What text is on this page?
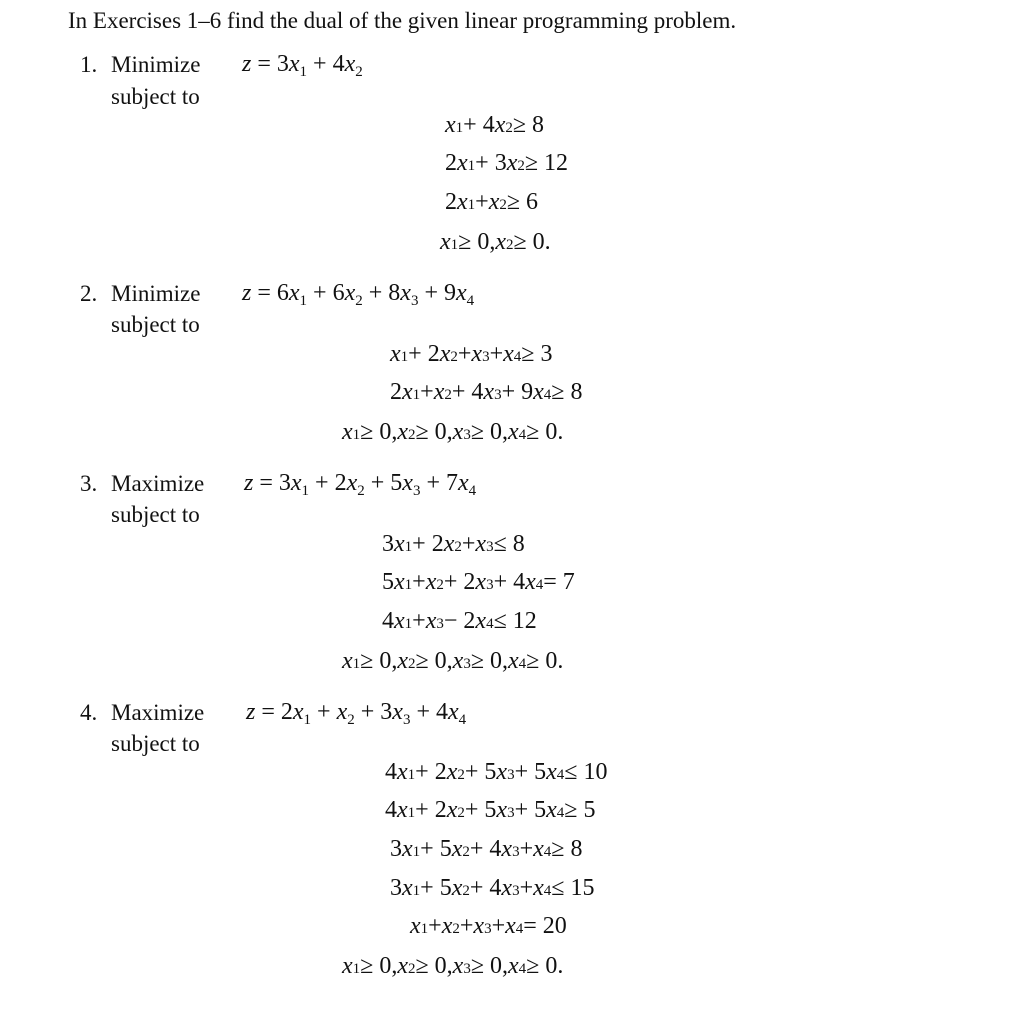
In Exercises 1–6 find the dual of the given linear programming problem.
1. Minimize $z = 3x_1 + 4x_2$
subject to
x 1 + 4 x 2 ≥ 8
2 x 1 + 3 x 2 ≥ 12
2 x 1 + x 2 ≥ 6
x 1 ≥ 0, x 2 ≥ 0.
2. Minimize $z = 6x_1 + 6x_2 + 8x_3 + 9x_4$
subject to
x 1 + 2 x 2 + x 3 + x 4 ≥ 3
2 x 1 + x 2 + 4 x 3 + 9 x 4 ≥ 8
x 1 ≥ 0, x 2 ≥ 0, x 3 ≥ 0, x 4 ≥ 0.
3. Maximize $z = 3x_1 + 2x_2 + 5x_3 + 7x_4$
subject to
3 x 1 + 2 x 2 + x 3 ≤ 8
5 x 1 + x 2 + 2 x 3 + 4 x 4 = 7
4 x 1 + x 3 − 2 x 4 ≤ 12
x 1 ≥ 0, x 2 ≥ 0, x 3 ≥ 0, x 4 ≥ 0.
4. Maximize $z = 2x_1 + x_2 + 3x_3 + 4x_4$
subject to
4 x 1 + 2 x 2 + 5 x 3 + 5 x 4 ≤ 10
4 x 1 + 2 x 2 + 5 x 3 + 5 x 4 ≥ 5
3 x 1 + 5 x 2 + 4 x 3 + x 4 ≥ 8
3 x 1 + 5 x 2 + 4 x 3 + x 4 ≤ 15
x 1 + x 2 + x 3 + x 4 = 20
x 1 ≥ 0, x 2 ≥ 0, x 3 ≥ 0, x 4 ≥ 0.
